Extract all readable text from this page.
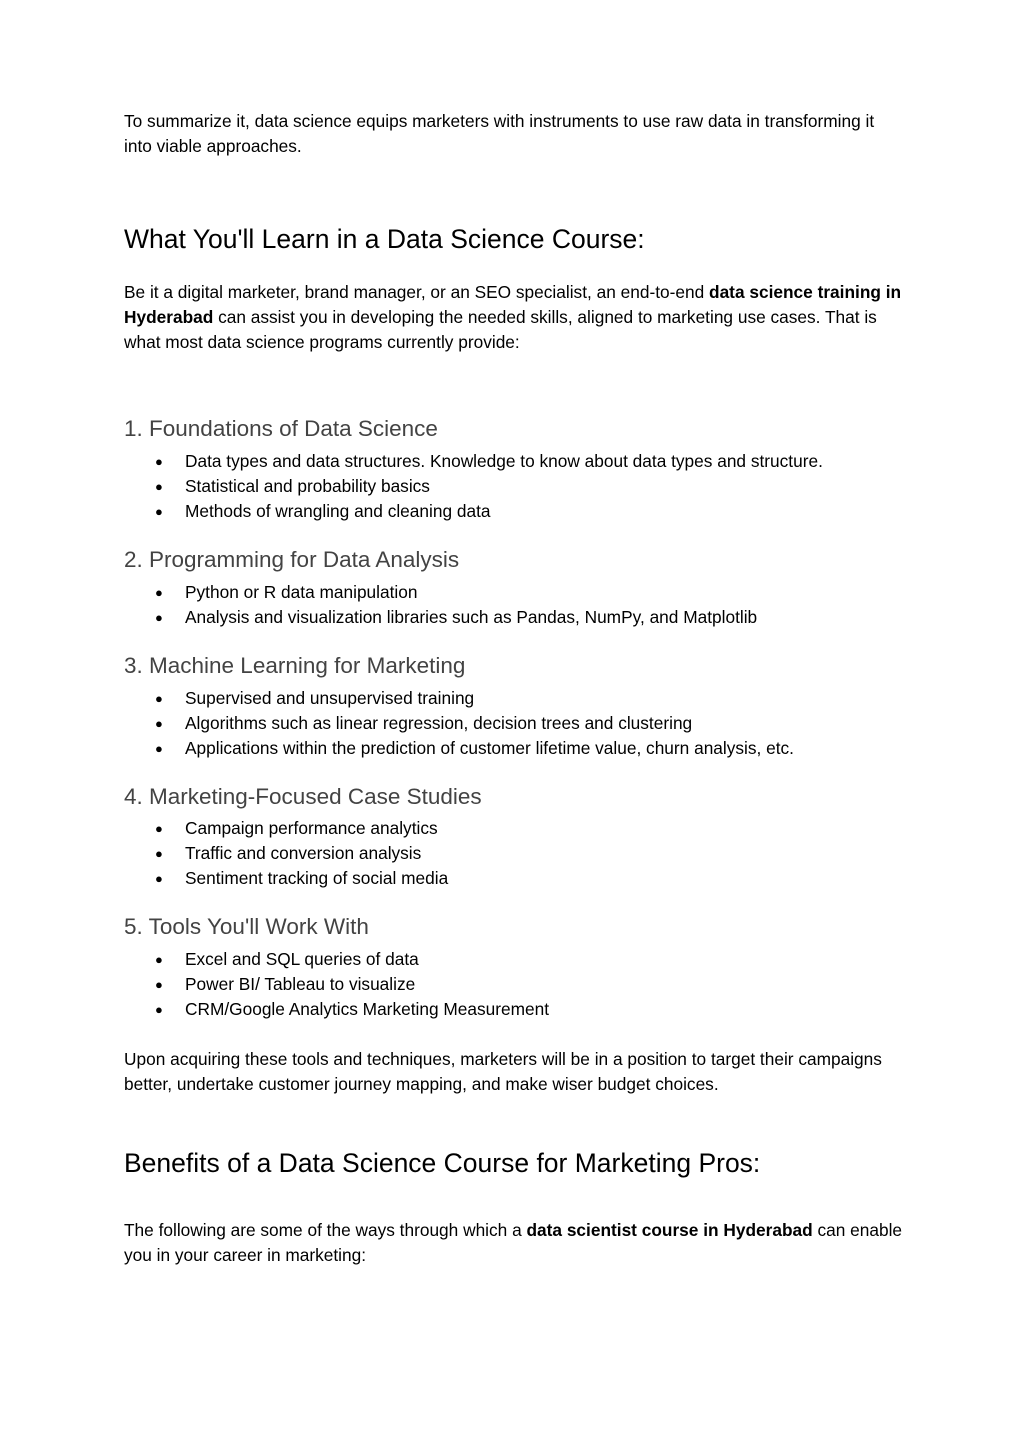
To summarize it, data science equips marketers with instruments to use raw data in transforming it into viable approaches.

What You'll Learn in a Data Science Course:

Be it a digital marketer, brand manager, or an SEO specialist, an end-to-end data science training in Hyderabad can assist you in developing the needed skills, aligned to marketing use cases. That is what most data science programs currently provide:

1. Foundations of Data Science
● Data types and data structures. Knowledge to know about data types and structure.
● Statistical and probability basics
● Methods of wrangling and cleaning data
2. Programming for Data Analysis
● Python or R data manipulation
● Analysis and visualization libraries such as Pandas, NumPy, and Matplotlib
3. Machine Learning for Marketing
● Supervised and unsupervised training
● Algorithms such as linear regression, decision trees and clustering
● Applications within the prediction of customer lifetime value, churn analysis, etc.
4. Marketing-Focused Case Studies
● Campaign performance analytics
● Traffic and conversion analysis
● Sentiment tracking of social media
5. Tools You'll Work With
● Excel and SQL queries of data
● Power BI/ Tableau to visualize
● CRM/Google Analytics Marketing Measurement

Upon acquiring these tools and techniques, marketers will be in a position to target their campaigns better, undertake customer journey mapping, and make wiser budget choices.

Benefits of a Data Science Course for Marketing Pros:

The following are some of the ways through which a data scientist course in Hyderabad can enable you in your career in marketing:
